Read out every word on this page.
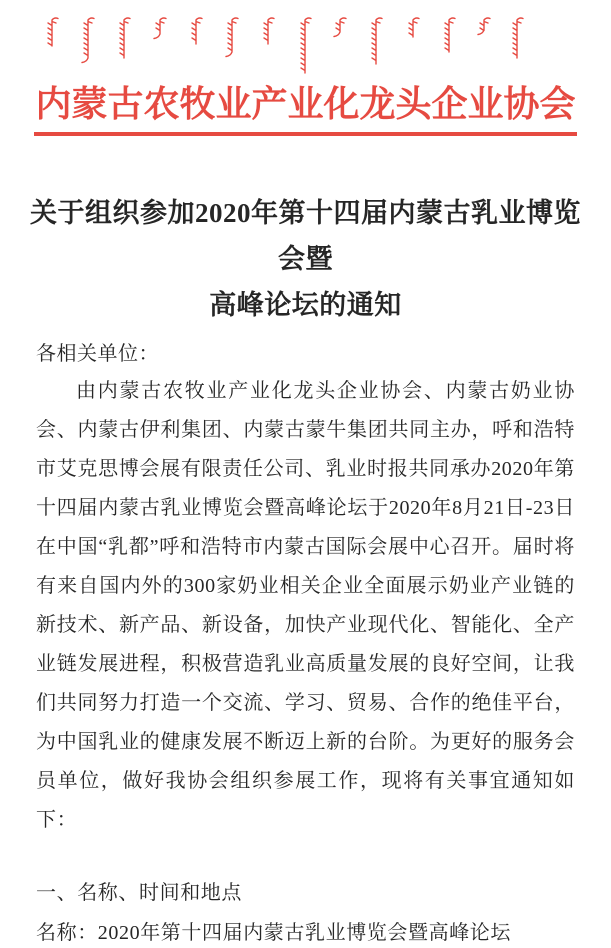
内蒙古农牧业产业化龙头企业协会
关于组织参加2020年第十四届内蒙古乳业博览会暨
高峰论坛的通知
各相关单位：

由内蒙古农牧业产业化龙头企业协会、内蒙古奶业协会、内蒙古伊利集团、内蒙古蒙牛集团共同主办，呼和浩特市艾克思博会展有限责任公司、乳业时报共同承办2020年第十四届内蒙古乳业博览会暨高峰论坛于2020年8月21日-23日在中国“乳都”呼和浩特市内蒙古国际会展中心召开。届时将有来自国内外的300家奶业相关企业全面展示奶业产业链的新技术、新产品、新设备，加快产业现代化、智能化、全产业链发展进程，积极营造乳业高质量发展的良好空间，让我们共同努力打造一个交流、学习、贸易、合作的绝佳平台，为中国乳业的健康发展不断迈上新的台阶。为更好的服务会员单位，做好我协会组织参展工作，现将有关事宜通知如下：

一、名称、时间和地点
名称：2020年第十四届内蒙古乳业博览会暨高峰论坛
